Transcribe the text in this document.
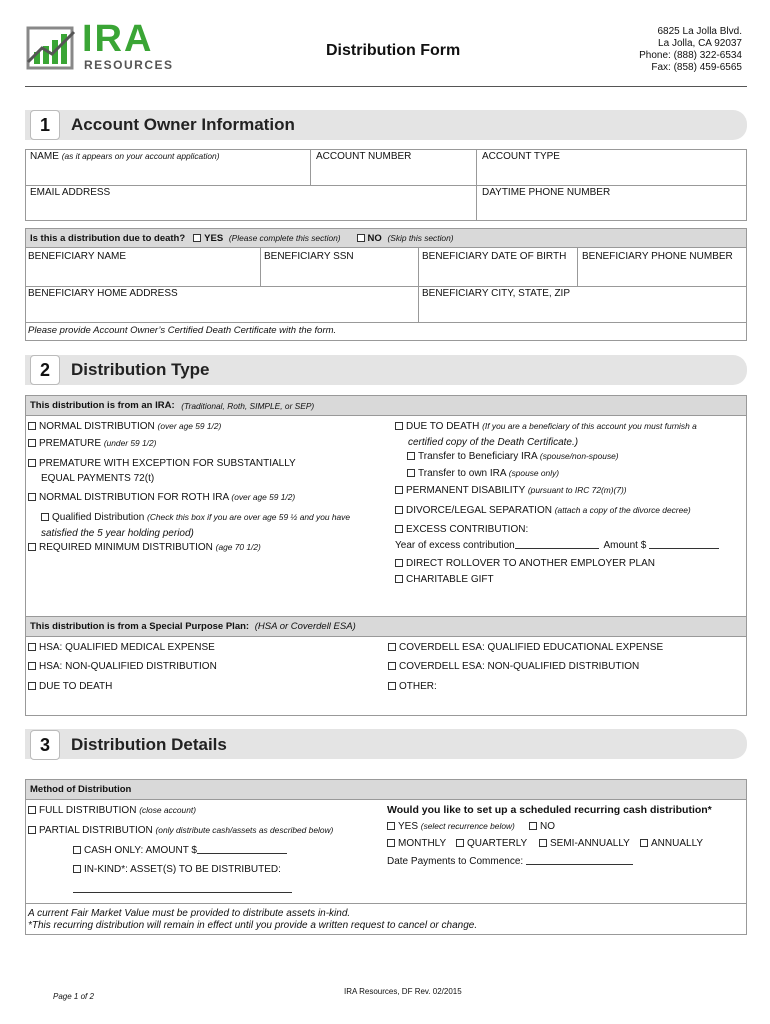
IRA
RESOURCES
Distribution Form
6825 La Jolla Blvd.
La Jolla, CA 92037
Phone: (888) 322-6534
Fax: (858) 459-6565
1	Account Owner Information
NAME (as it appears on your account application)	ACCOUNT NUMBER	ACCOUNT TYPE
EMAIL ADDRESS	DAYTIME PHONE NUMBER
Is this a distribution due to death?	YES (Please complete this section)	NO (Skip this section)
BENEFICIARY NAME	BENEFICIARY SSN	BENEFICIARY DATE OF BIRTH BENEFICIARY PHONE NUMBER
BENEFICIARY HOME ADDRESS	BENEFICIARY CITY, STATE, ZIP
Please provide Account Owner’s Certified Death Certificate with the form.
2	Distribution Type
This distribution is from an IRA:
(Traditional, Roth, SIMPLE, or SEP)
NORMAL DISTRIBUTION (over age 59 1/2)
PREMATURE (under 59 1/2)
PREMATURE WITH EXCEPTION FOR SUBSTANTIALLY
EQUAL PAYMENTS 72(t)
NORMAL DISTRIBUTION FOR ROTH IRA (over age 59 1/2)
Qualified Distribution (Check this box if you are over age 59 ½ and you have
satisfied the 5 year holding period)
REQUIRED MINIMUM DISTRIBUTION (age 70 1/2)
DUE TO DEATH (If you are a beneficiary of this account you must furnish a
certified copy of the Death Certificate.)
Transfer to Beneficiary IRA (spouse/non-spouse)
Transfer to own IRA (spouse only)
PERMANENT DISABILITY (pursuant to IRC 72(m)(7))
DIVORCE/LEGAL SEPARATION (attach a copy of the divorce decree)
EXCESS CONTRIBUTION:
Year of excess contribution	Amount $
DIRECT ROLLOVER TO ANOTHER EMPLOYER PLAN
CHARITABLE GIFT
This distribution is from a Special Purpose Plan:
(HSA or Coverdell ESA)
HSA: QUALIFIED MEDICAL EXPENSE
HSA: NON-QUALIFIED DISTRIBUTION
DUE TO DEATH
COVERDELL ESA: QUALIFIED EDUCATIONAL EXPENSE
COVERDELL ESA: NON-QUALIFIED DISTRIBUTION
OTHER:
3	Distribution Details
Method of Distribution
FULL DISTRIBUTION (close account)
PARTIAL DISTRIBUTION (only distribute cash/assets as described below)
CASH ONLY: AMOUNT $
IN-KIND*: ASSET(S) TO BE DISTRIBUTED:
Would you like to set up a scheduled recurring cash distribution*
YES (select recurrence below)	NO
MONTHLY	QUARTERLY	SEMI-ANNUALLY	ANNUALLY
Date Payments to Commence:
A current Fair Market Value must be provided to distribute assets in-kind.
*This recurring distribution will remain in effect until you provide a written request to cancel or change.
Page 1 of 2
IRA Resources, DF Rev. 02/2015
